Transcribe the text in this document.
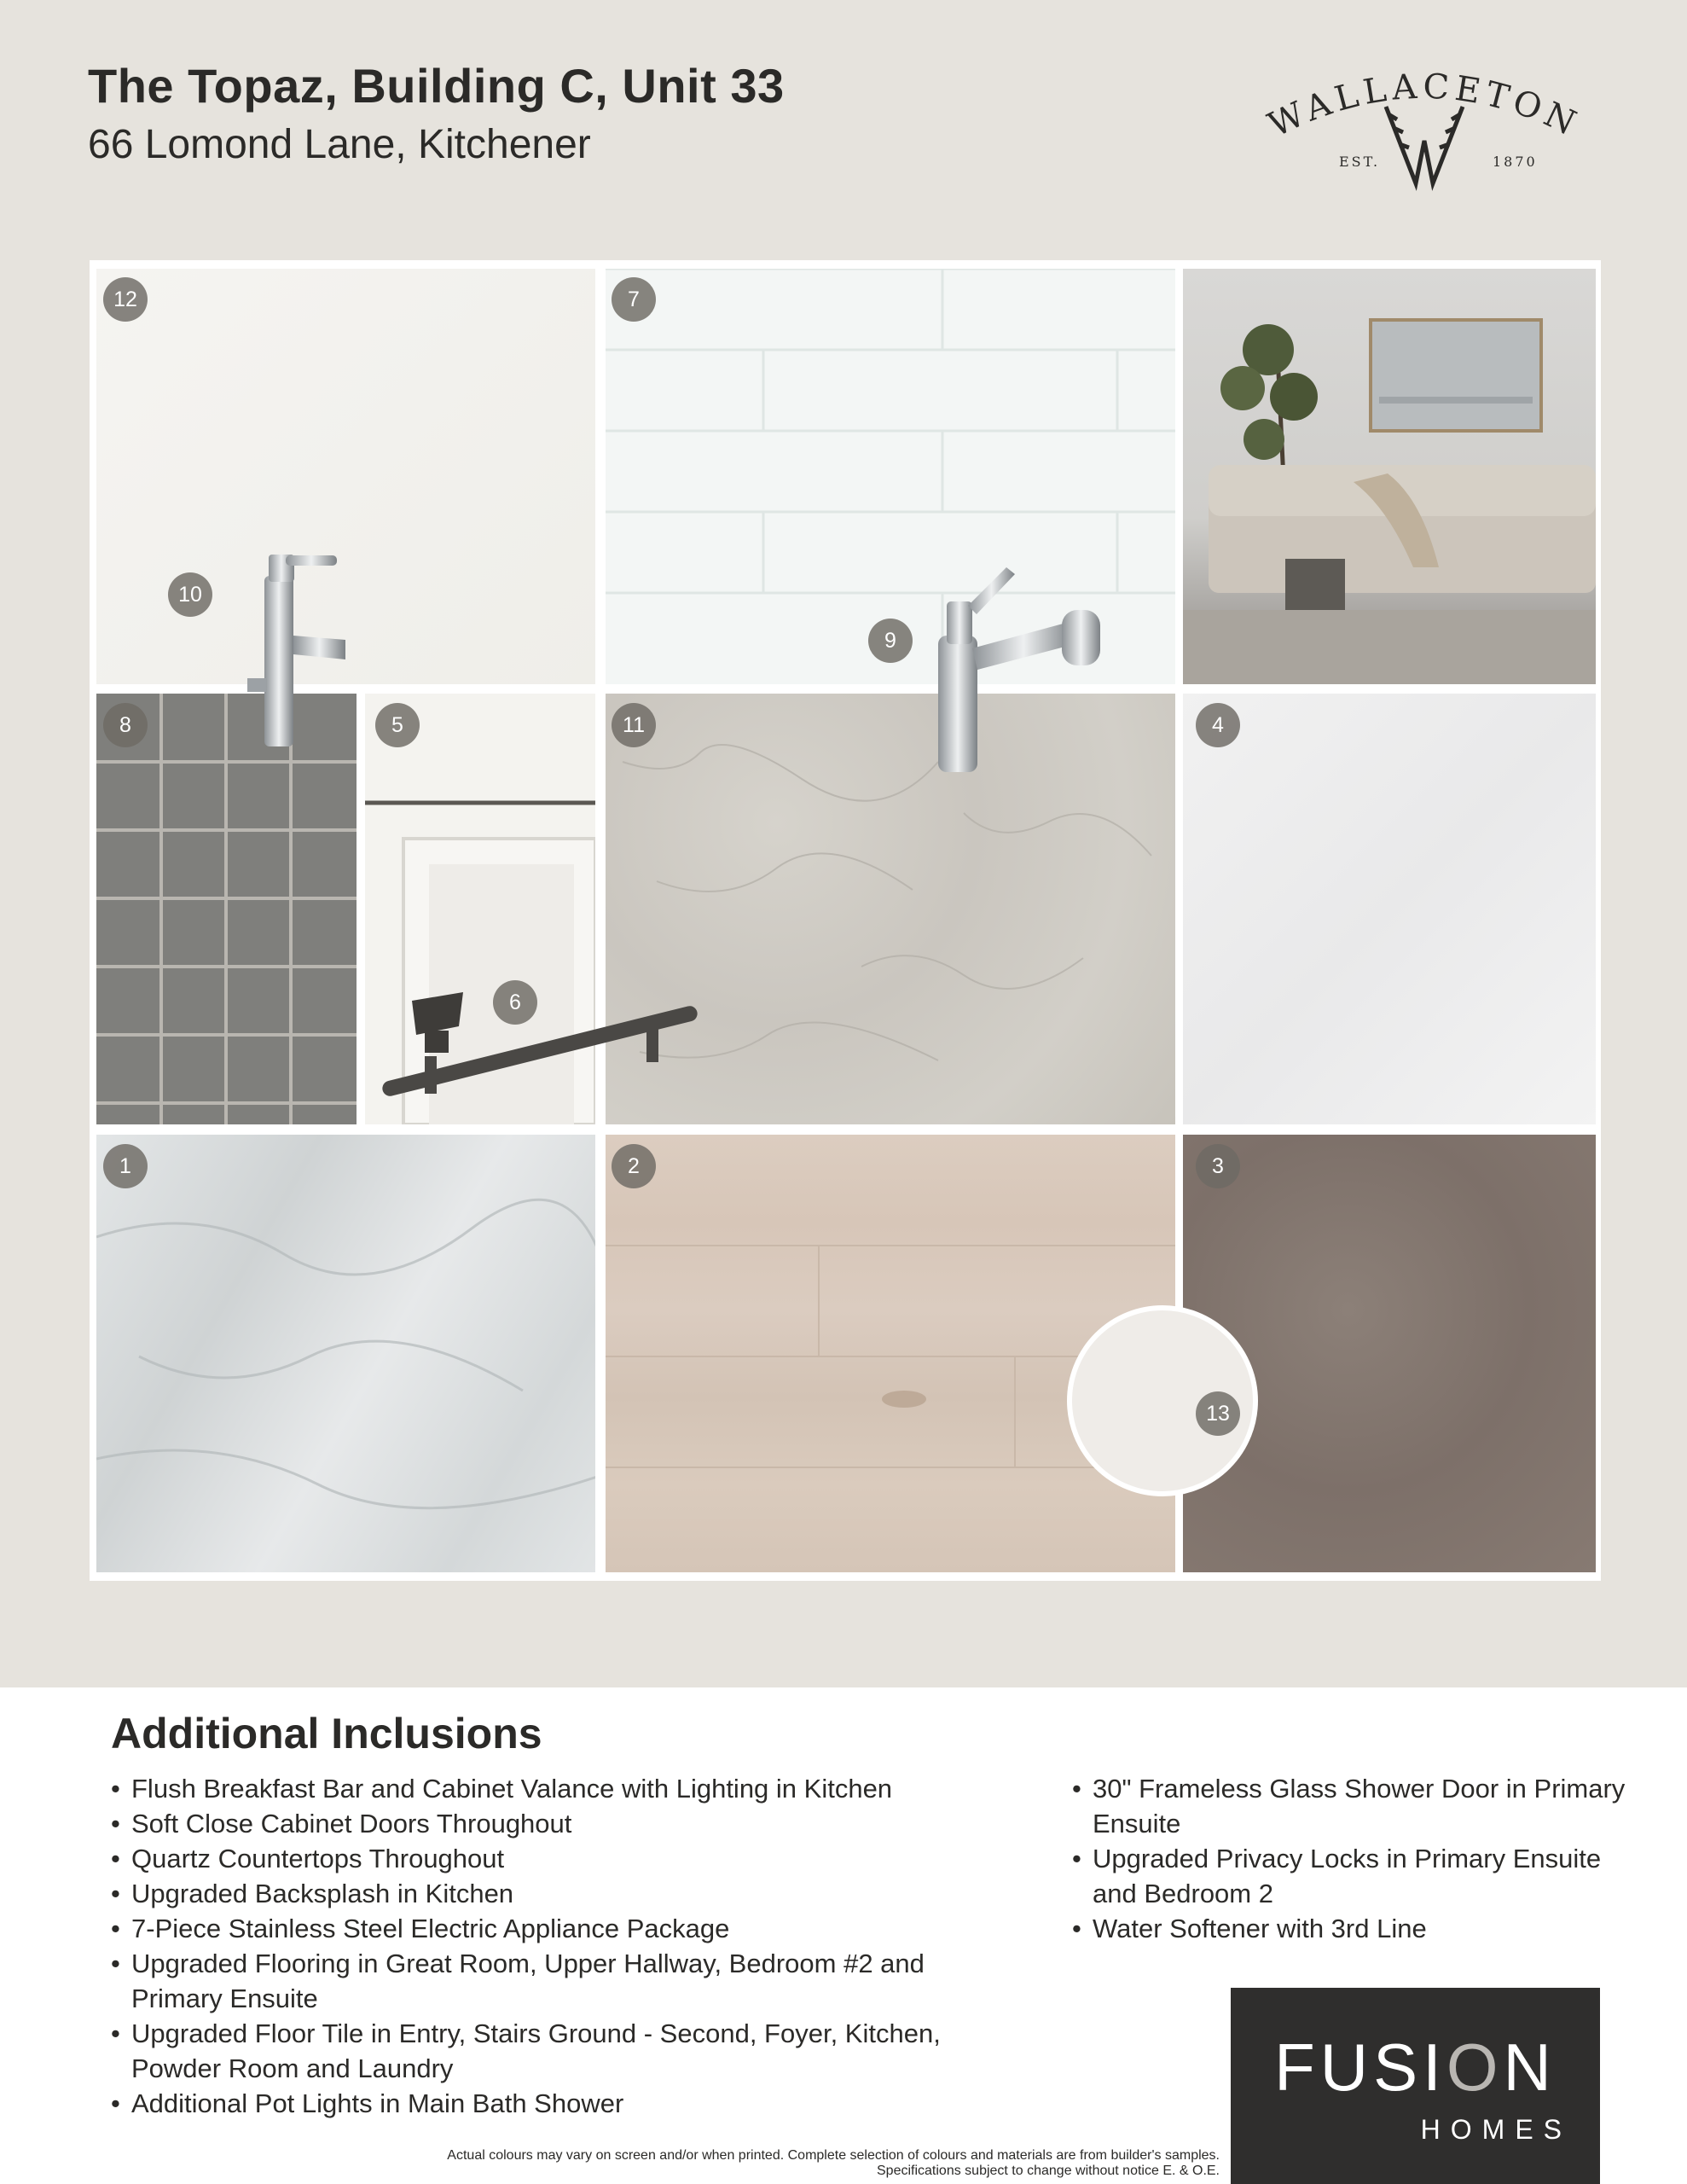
The Topaz, Building C, Unit 33
66 Lomond Lane, Kitchener	WALLACETON
EST.	1870
12	7
10
9
8	5	11	4
6
1	2	3
13
Additional Inclusions
• Flush Breakfast Bar and Cabinet Valance with Lighting in Kitchen
• Soft Close Cabinet Doors Throughout
• Quartz Countertops Throughout
• Upgraded Backsplash in Kitchen
• 7-Piece Stainless Steel Electric Appliance Package
• Upgraded Flooring in Great Room, Upper Hallway, Bedroom #2 and Primary Ensuite
• Upgraded Floor Tile in Entry, Stairs Ground - Second, Foyer, Kitchen, Powder Room and Laundry
• Additional Pot Lights in Main Bath Shower
• 30" Frameless Glass Shower Door in Primary Ensuite
• Upgraded Privacy Locks in Primary Ensuite and Bedroom 2
• Water Softener with 3rd Line
FUSION
HOMES
Actual colours may vary on screen and/or when printed. Complete selection of colours and materials are from builder's samples.
Specifications subject to change without notice E. & O.E.
